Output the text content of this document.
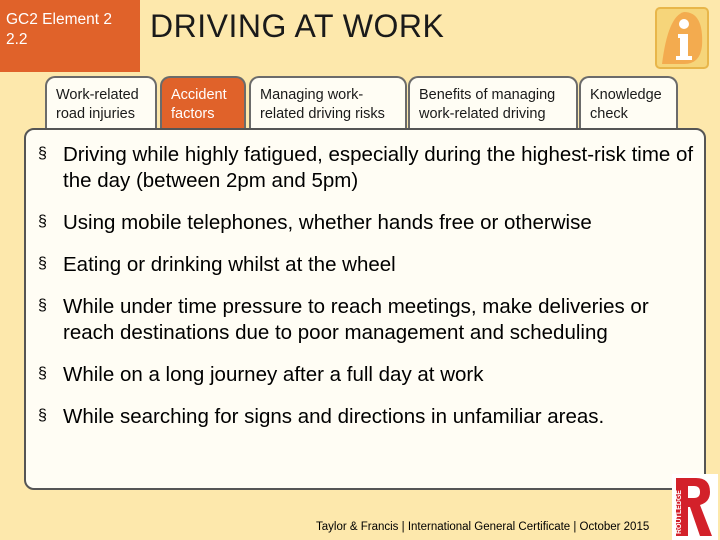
GC2 Element 2
2.2	DRIVING AT WORK
Work-related
road injuries
Accident
factors
Managing work-
related driving risks
Benefits of managing
work-related driving
Knowledge
check
§ Driving while highly fatigued, especially during the highest-risk time of the day (between 2pm and 5pm)
§ Using mobile telephones, whether hands free or otherwise
§ Eating or drinking whilst at the wheel
§ While under time pressure to reach meetings, make deliveries or reach destinations due to poor management and scheduling
§ While on a long journey after a full day at work
§ While searching for signs and directions in unfamiliar areas.
Taylor & Francis | International General Certificate | October 2015	ROUTLEDGE
